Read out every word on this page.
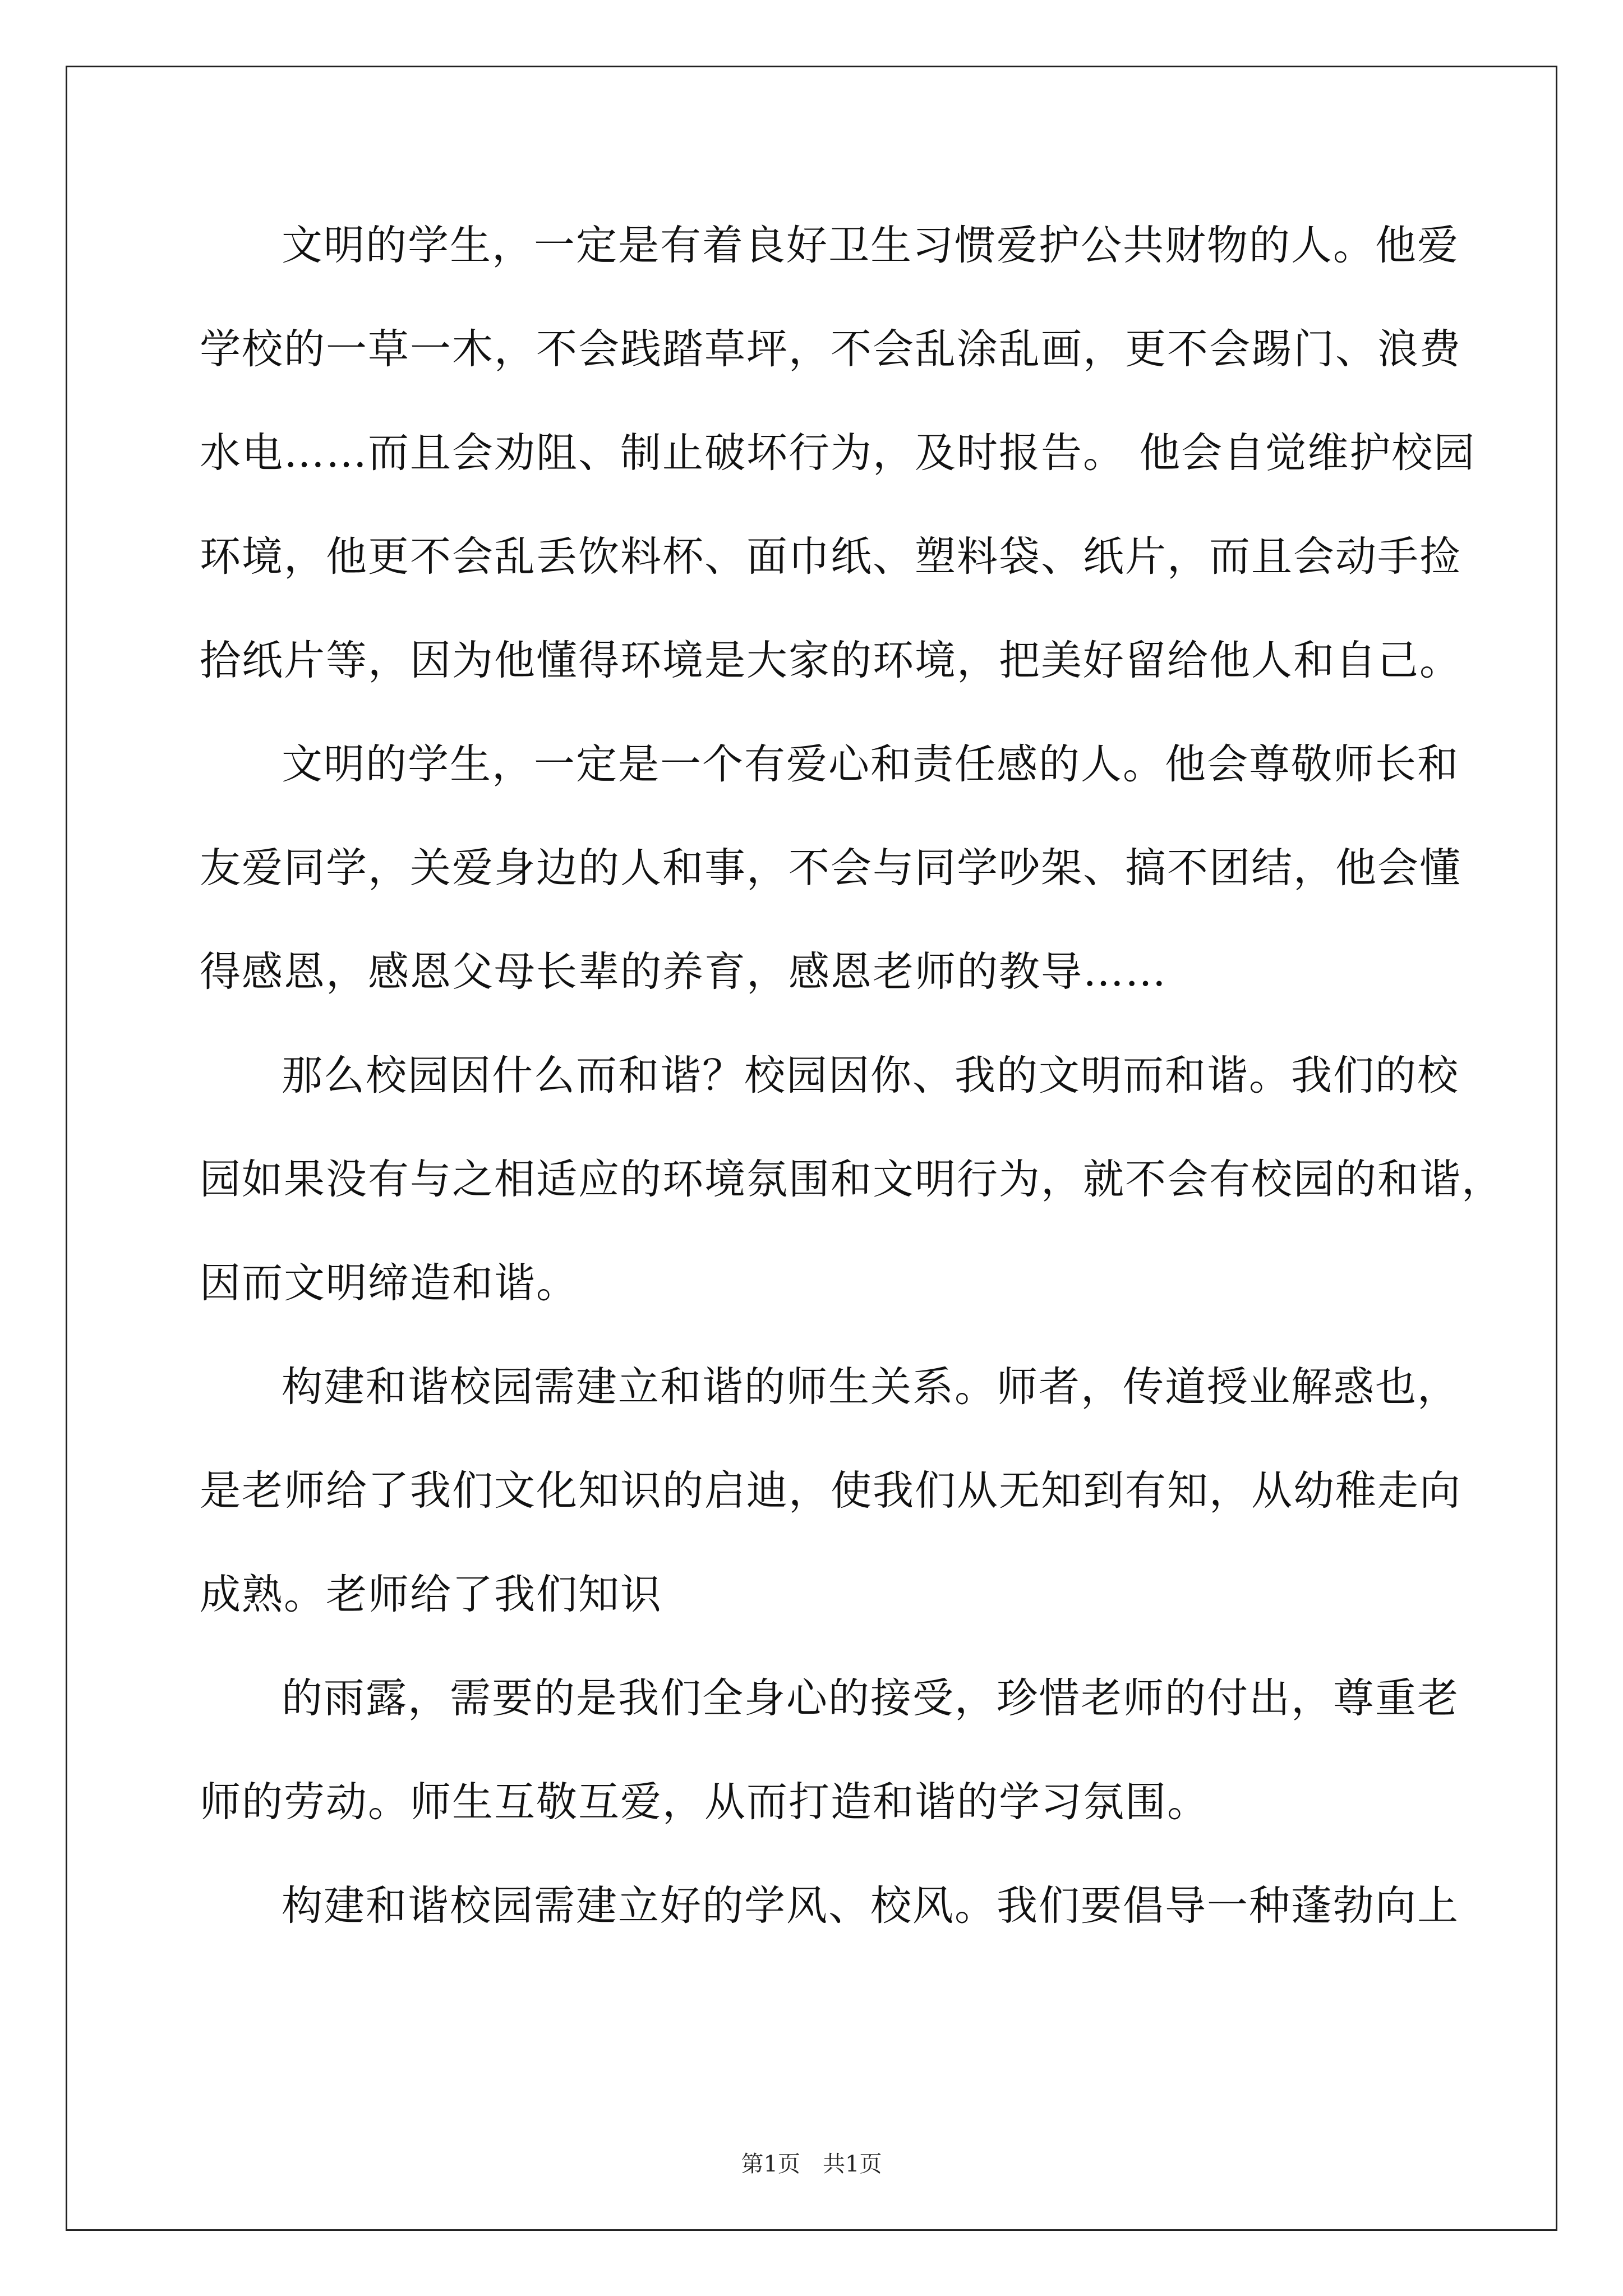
文明的学生，一定是有着良好卫生习惯爱护公共财物的人。他爱
学校的一草一木，不会践踏草坪，不会乱涂乱画，更不会踢门、浪费
水电……而且会劝阻、制止破坏行为，及时报告。 他会自觉维护校园
环境，他更不会乱丢饮料杯、面巾纸、塑料袋、纸片，而且会动手捡
拾纸片等，因为他懂得环境是大家的环境，把美好留给他人和自己。
文明的学生，一定是一个有爱心和责任感的人。他会尊敬师长和
友爱同学，关爱身边的人和事，不会与同学吵架、搞不团结，他会懂
得感恩，感恩父母长辈的养育，感恩老师的教导……
那么校园因什么而和谐？校园因你、我的文明而和谐。我们的校
园如果没有与之相适应的环境氛围和文明行为，就不会有校园的和谐，
因而文明缔造和谐。
构建和谐校园需建立和谐的师生关系。师者，传道授业解惑也，
是老师给了我们文化知识的启迪，使我们从无知到有知，从幼稚走向
成熟。老师给了我们知识
的雨露，需要的是我们全身心的接受，珍惜老师的付出，尊重老
师的劳动。师生互敬互爱，从而打造和谐的学习氛围。
构建和谐校园需建立好的学风、校风。我们要倡导一种蓬勃向上
第1页　共1页
